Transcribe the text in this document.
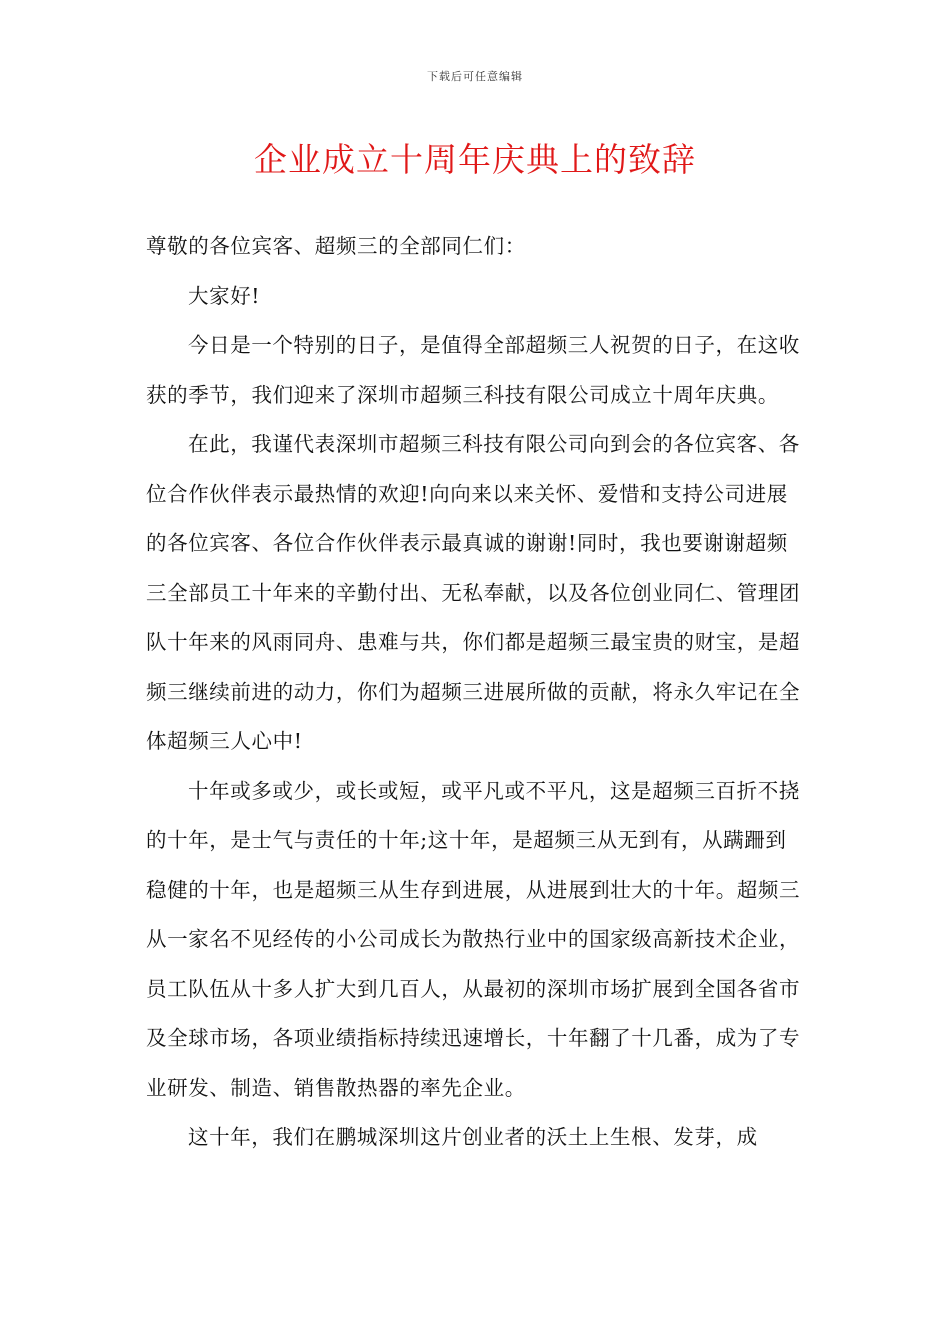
下载后可任意编辑
企业成立十周年庆典上的致辞

尊敬的各位宾客、超频三的全部同仁们：

大家好!

今日是一个特别的日子，是值得全部超频三人祝贺的日子，在这收获的季节，我们迎来了深圳市超频三科技有限公司成立十周年庆典。

在此，我谨代表深圳市超频三科技有限公司向到会的各位宾客、各位合作伙伴表示最热情的欢迎!向向来以来关怀、爱惜和支持公司进展的各位宾客、各位合作伙伴表示最真诚的谢谢!同时，我也要谢谢超频三全部员工十年来的辛勤付出、无私奉献，以及各位创业同仁、管理团队十年来的风雨同舟、患难与共，你们都是超频三最宝贵的财宝，是超频三继续前进的动力，你们为超频三进展所做的贡献，将永久牢记在全体超频三人心中!

十年或多或少，或长或短，或平凡或不平凡，这是超频三百折不挠的十年，是士气与责任的十年;这十年，是超频三从无到有，从蹒跚到稳健的十年，也是超频三从生存到进展，从进展到壮大的十年。超频三从一家名不见经传的小公司成长为散热行业中的国家级高新技术企业，员工队伍从十多人扩大到几百人，从最初的深圳市场扩展到全国各省市及全球市场，各项业绩指标持续迅速增长，十年翻了十几番，成为了专业研发、制造、销售散热器的率先企业。

这十年，我们在鹏城深圳这片创业者的沃土上生根、发芽，成
